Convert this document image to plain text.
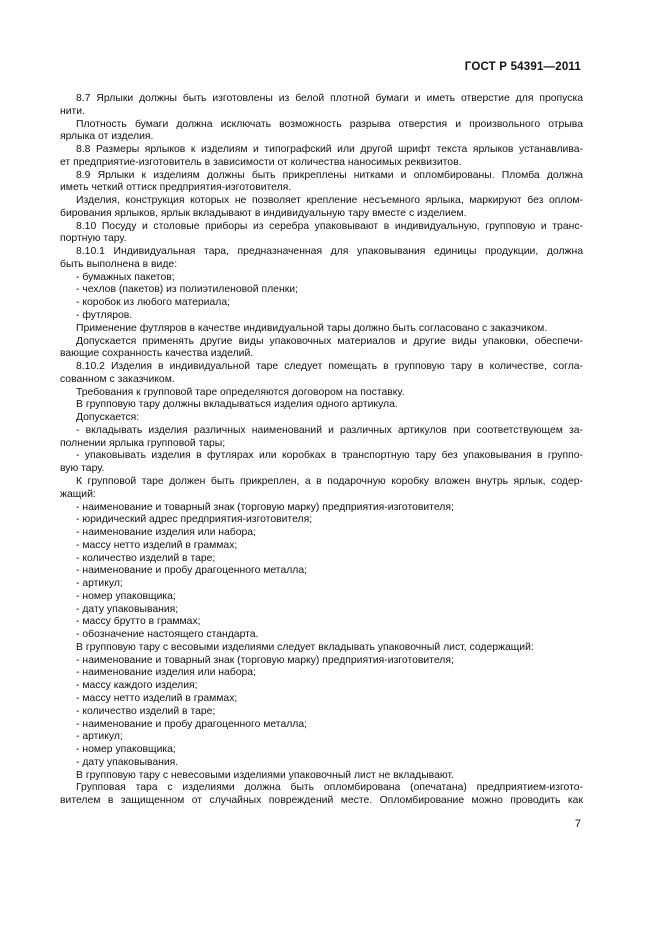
ГОСТ Р 54391—2011
8.7 Ярлыки должны быть изготовлены из белой плотной бумаги и иметь отверстие для пропуска
нити.
Плотность бумаги должна исключать возможность разрыва отверстия и произвольного отрыва
ярлыка от изделия.
8.8 Размеры ярлыков к изделиям и типографский или другой шрифт текста ярлыков устанавлива-
ет предприятие-изготовитель в зависимости от количества наносимых реквизитов.
8.9 Ярлыки к изделиям должны быть прикреплены нитками и опломбированы. Пломба должна
иметь четкий оттиск предприятия-изготовителя.
Изделия, конструкция которых не позволяет крепление несъемного ярлыка, маркируют без оплом-
бирования ярлыков, ярлык вкладывают в индивидуальную тару вместе с изделием.
8.10 Посуду и столовые приборы из серебра упаковывают в индивидуальную, групповую и транс-
портную тару.
8.10.1 Индивидуальная тара, предназначенная для упаковывания единицы продукции, должна
быть выполнена в виде:
- бумажных пакетов;
- чехлов (пакетов) из полиэтиленовой пленки;
- коробок из любого материала;
- футляров.
Применение футляров в качестве индивидуальной тары должно быть согласовано с заказчиком.
Допускается применять другие виды упаковочных материалов и другие виды упаковки, обеспечи-
вающие сохранность качества изделий.
8.10.2 Изделия в индивидуальной таре следует помещать в групповую тару в количестве, согла-
сованном с заказчиком.
Требования к групповой таре определяются договором на поставку.
В групповую тару должны вкладываться изделия одного артикула.
Допускается:
- вкладывать изделия различных наименований и различных артикулов при соответствующем за-
полнении ярлыка групповой тары;
- упаковывать изделия в футлярах или коробках в транспортную тару без упаковывания в группо-
вую тару.
К групповой таре должен быть прикреплен, а в подарочную коробку вложен внутрь ярлык, содер-
жащий:
- наименование и товарный знак (торговую марку) предприятия-изготовителя;
- юридический адрес предприятия-изготовителя;
- наименование изделия или набора;
- массу нетто изделий в граммах;
- количество изделий в таре;
- наименование и пробу драгоценного металла;
- артикул;
- номер упаковщика;
- дату упаковывания;
- массу брутто в граммах;
- обозначение настоящего стандарта.
В групповую тару с весовыми изделиями следует вкладывать упаковочный лист, содержащий:
- наименование и товарный знак (торговую марку) предприятия-изготовителя;
- наименование изделия или набора;
- массу каждого изделия;
- массу нетто изделий в граммах;
- количество изделий в таре;
- наименование и пробу драгоценного металла;
- артикул;
- номер упаковщика;
- дату упаковывания.
В групповую тару с невесовыми изделиями упаковочный лист не вкладывают.
Групповая тара с изделиями должна быть опломбирована (опечатана) предприятием-изгото-
вителем в защищенном от случайных повреждений месте. Опломбирование можно проводить как
7
